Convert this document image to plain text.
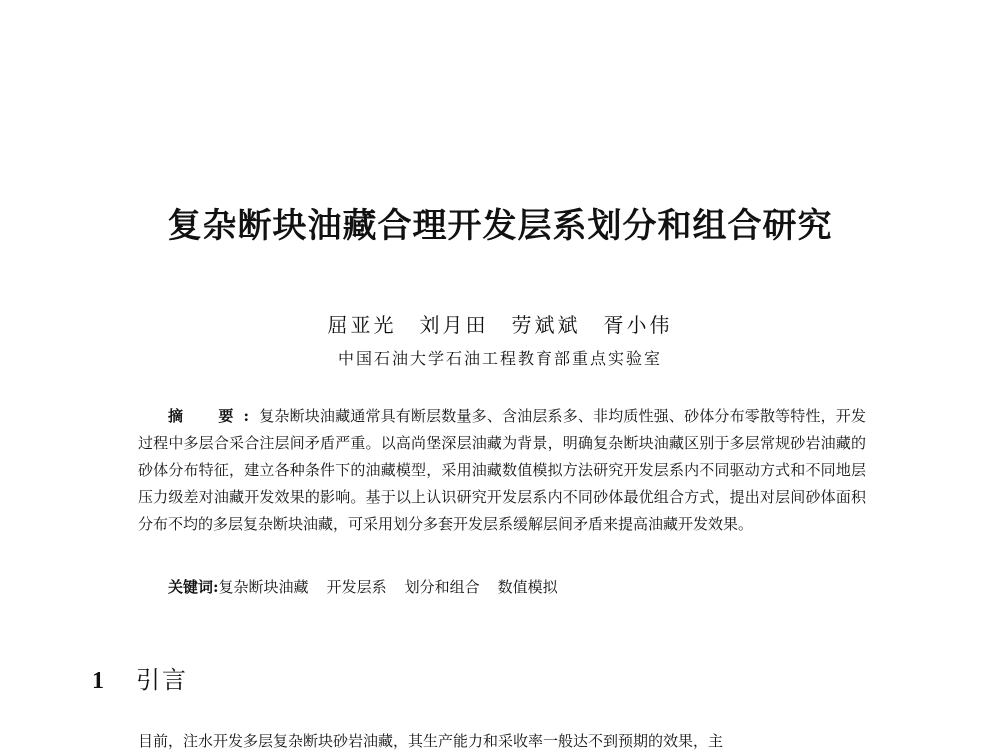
复杂断块油藏合理开发层系划分和组合研究
屈亚光　刘月田　劳斌斌　胥小伟
中国石油大学石油工程教育部重点实验室

摘　要:复杂断块油藏通常具有断层数量多、含油层系多、非均质性强、砂体分布零散等特性，开发过程中多层合采合注层间矛盾严重。以高尚堡深层油藏为背景，明确复杂断块油藏区别于多层常规砂岩油藏的砂体分布特征，建立各种条件下的油藏模型，采用油藏数值模拟方法研究开发层系内不同驱动方式和不同地层压力级差对油藏开发效果的影响。基于以上认识研究开发层系内不同砂体最优组合方式，提出对层间砂体面积分布不均的多层复杂断块油藏，可采用划分多套开发层系缓解层间矛盾来提高油藏开发效果。

关键词:复杂断块油藏 开发层系 划分和组合 数值模拟
1 引言
目前，注水开发多层复杂断块砂岩油藏，其生产能力和采收率一般达不到预期的效果，主
